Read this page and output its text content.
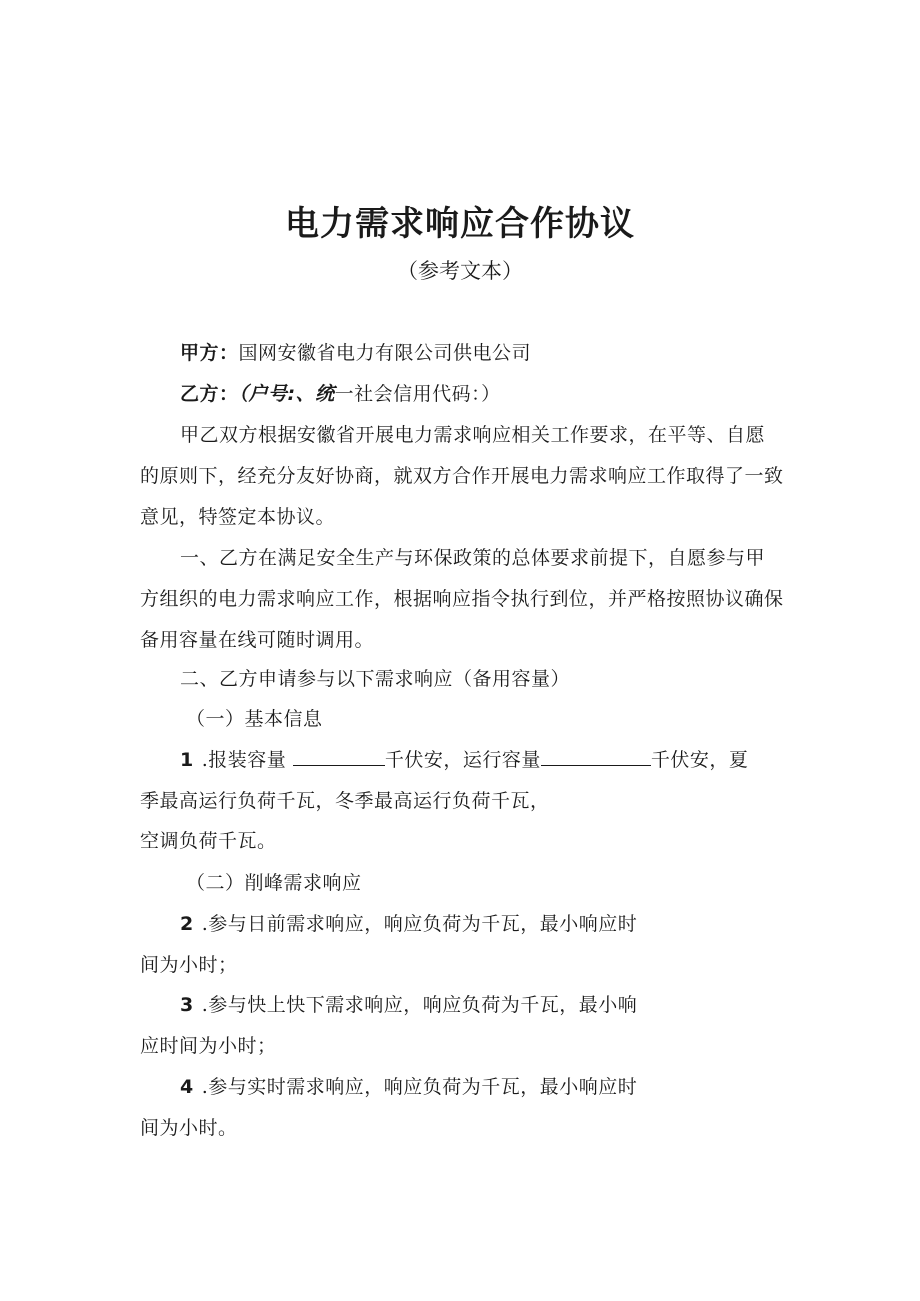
电力需求响应合作协议
（参考文本）
甲方：国网安徽省电力有限公司供电公司
乙方：（户号:、统一社会信用代码：）
甲乙双方根据安徽省开展电力需求响应相关工作要求，在平等、自愿
的原则下，经充分友好协商，就双方合作开展电力需求响应工作取得了一致
意见，特签定本协议。
一、乙方在满足安全生产与环保政策的总体要求前提下，自愿参与甲
方组织的电力需求响应工作，根据响应指令执行到位，并严格按照协议确保
备用容量在线可随时调用。
二、乙方申请参与以下需求响应（备用容量）
（一）基本信息
1 .报装容量	千伏安，运行容量	千伏安，夏
季最高运行负荷千瓦，冬季最高运行负荷千瓦，
空调负荷千瓦。
（二）削峰需求响应
2 .参与日前需求响应，响应负荷为千瓦，最小响应时
间为小时；
3 .参与快上快下需求响应，响应负荷为千瓦，最小响
应时间为小时；
4 .参与实时需求响应，响应负荷为千瓦，最小响应时
间为小时。
